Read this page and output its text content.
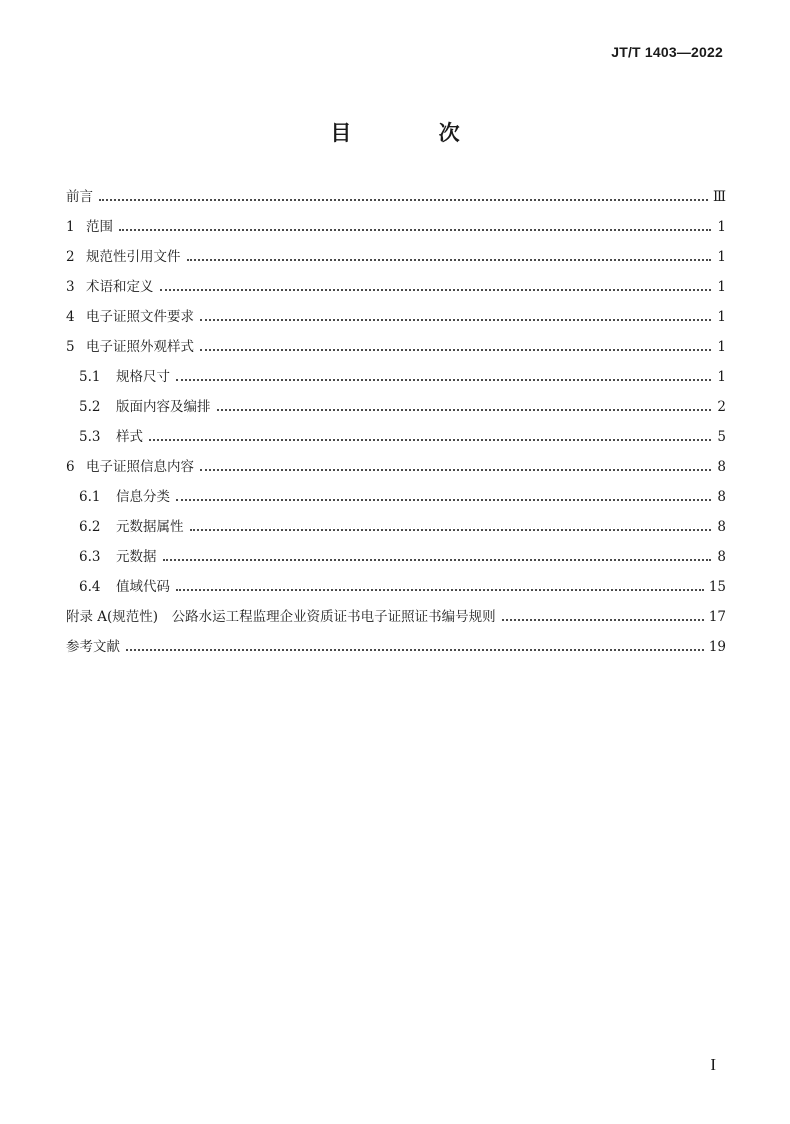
JT/T 1403—2022
目 次
前言	Ⅲ
1 范围	1
2 规范性引用文件	1
3 术语和定义	1
4 电子证照文件要求	1
5 电子证照外观样式	1
5.1	规格尺寸	1
5.2	版面内容及编排	2
5.3	样式	5
6 电子证照信息内容	8
6.1	信息分类	8
6.2	元数据属性	8
6.3	元数据	8
6.4	值域代码	15
附录 A(规范性)　公路水运工程监理企业资质证书电子证照证书编号规则	17
参考文献	19
I
